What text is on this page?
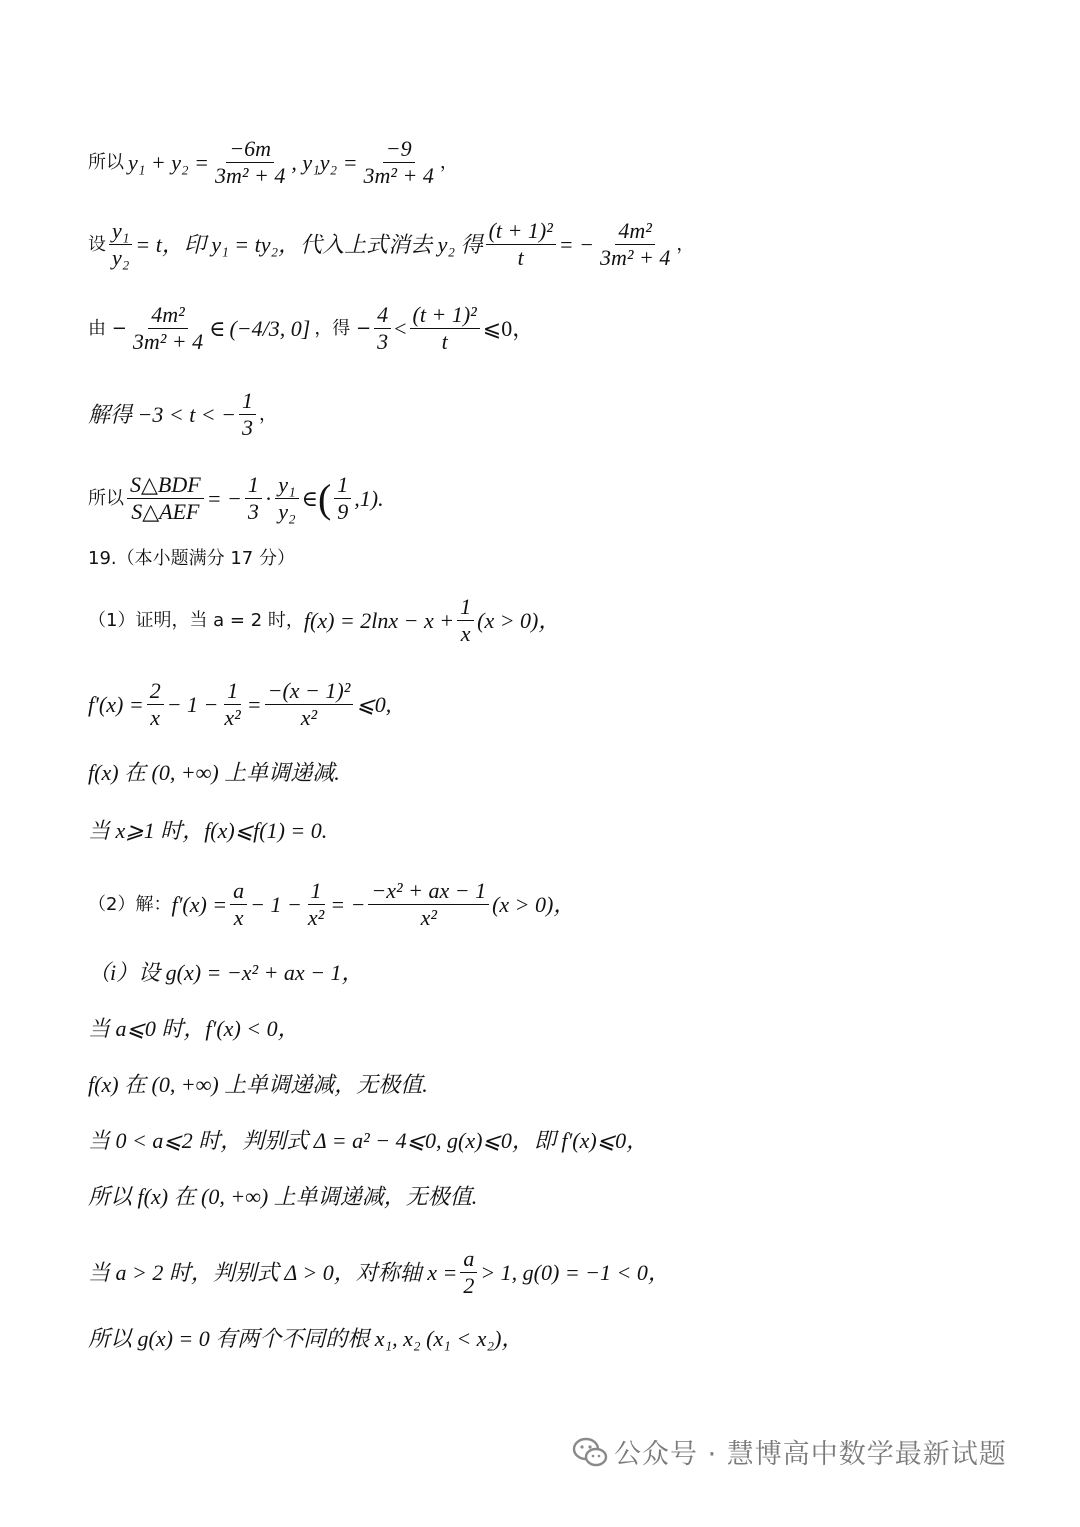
所以 $y_1 + y_2 = \frac{-6m}{\text{3m² + 4}}$ , $y_1y_2 = \frac{-9}{\text{3m² + 4}}$ ，
设 $\frac{\text{y₁}}{\text{y₂}} = t$，印 y₁ = ty₂，代入上式消去 y₂ 得 $\frac{\text{(t + 1)²}}{t}$ = − $\frac{\text{4m²}}{\text{3m² + 4}}$ ，
由 − $\frac{\text{4m²}}{\text{3m² + 4}}$ ∈ (−4/3, 0] ，得 − $\frac{4}{3} < \frac{\text{(t + 1)²}}{t}$ ⩽0，
解得 −3 < t < − $\frac{1}{3}$ ，
所以 $\frac{\text{S△BDF}}{\text{S△AEF}}$ = − $\frac{1}{3} \cdot \frac{\text{y₁}}{\text{y₂}}$ ∈ ( $\frac{1}{9} ,1$).
19.（本小题满分 17 分）
（1）证明，当 a = 2 时， $f(x) = 2\ln x - x + \frac{1}{x} (x > 0)$，
$f'(x) = \frac{2}{x} - 1 - \frac{1}{\text{x²}} = \frac{\text{−(x − 1)²}}{\text{x²}}$ ⩽0,
f(x) 在 (0, +∞) 上单调递减.
当 x⩾1 时，f(x)⩽f(1) = 0.
（2）解： $f'(x) = \frac{a}{x} - 1 - \frac{1}{\text{x²}}$ = − $\frac{\text{−x² + ax − 1}}{\text{x²}} (x > 0)$，
（i）设 g(x) = −x² + ax − 1，
当 a⩽0 时，f′(x) < 0，
f(x) 在 (0, +∞) 上单调递减，无极值.
当 0 < a⩽2 时，判别式 Δ = a² − 4⩽0, g(x)⩽0，即 f′(x)⩽0，
所以 f(x) 在 (0, +∞) 上单调递减，无极值.
当 a > 2 时，判别式 Δ > 0，对称轴 $x = \frac{a}{2} > 1$, g(0) = −1 < 0，
所以 g(x) = 0 有两个不同的根 x₁, x₂ (x₁ < x₂)，
公众号 · 慧博高中数学最新试题
